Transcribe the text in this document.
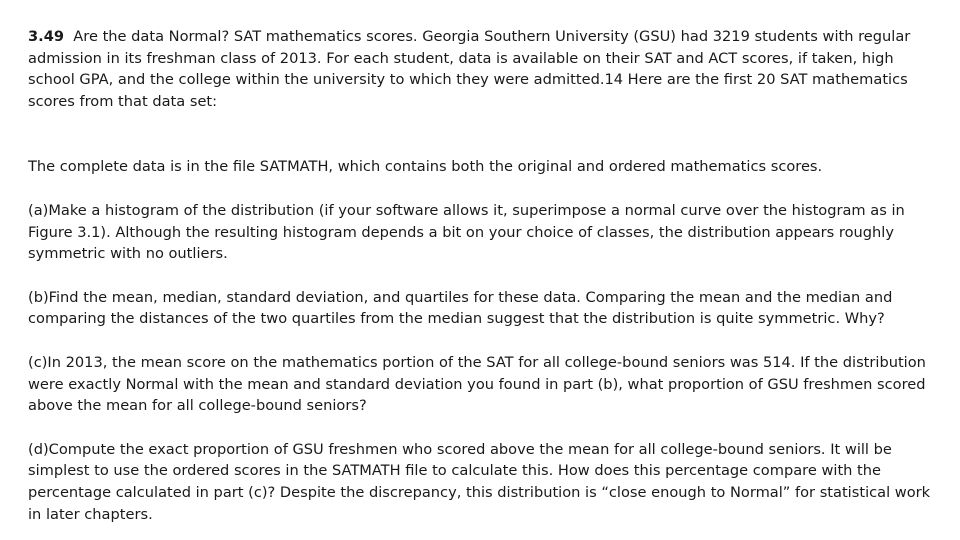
3.49  Are the data Normal? SAT mathematics scores. Georgia Southern University (GSU) had 3219 students with regular admission in its freshman class of 2013. For each student, data is available on their SAT and ACT scores, if taken, high school GPA, and the college within the university to which they were admitted.14 Here are the first 20 SAT mathematics scores from that data set:

The complete data is in the file SATMATH, which contains both the original and ordered mathematics scores.

(a)Make a histogram of the distribution (if your software allows it, superimpose a normal curve over the histogram as in Figure 3.1). Although the resulting histogram depends a bit on your choice of classes, the distribution appears roughly symmetric with no outliers.

(b)Find the mean, median, standard deviation, and quartiles for these data. Comparing the mean and the median and comparing the distances of the two quartiles from the median suggest that the distribution is quite symmetric. Why?

(c)In 2013, the mean score on the mathematics portion of the SAT for all college-bound seniors was 514. If the distribution were exactly Normal with the mean and standard deviation you found in part (b), what proportion of GSU freshmen scored above the mean for all college-bound seniors?

(d)Compute the exact proportion of GSU freshmen who scored above the mean for all college-bound seniors. It will be simplest to use the ordered scores in the SATMATH file to calculate this. How does this percentage compare with the percentage calculated in part (c)? Despite the discrepancy, this distribution is “close enough to Normal” for statistical work in later chapters.
